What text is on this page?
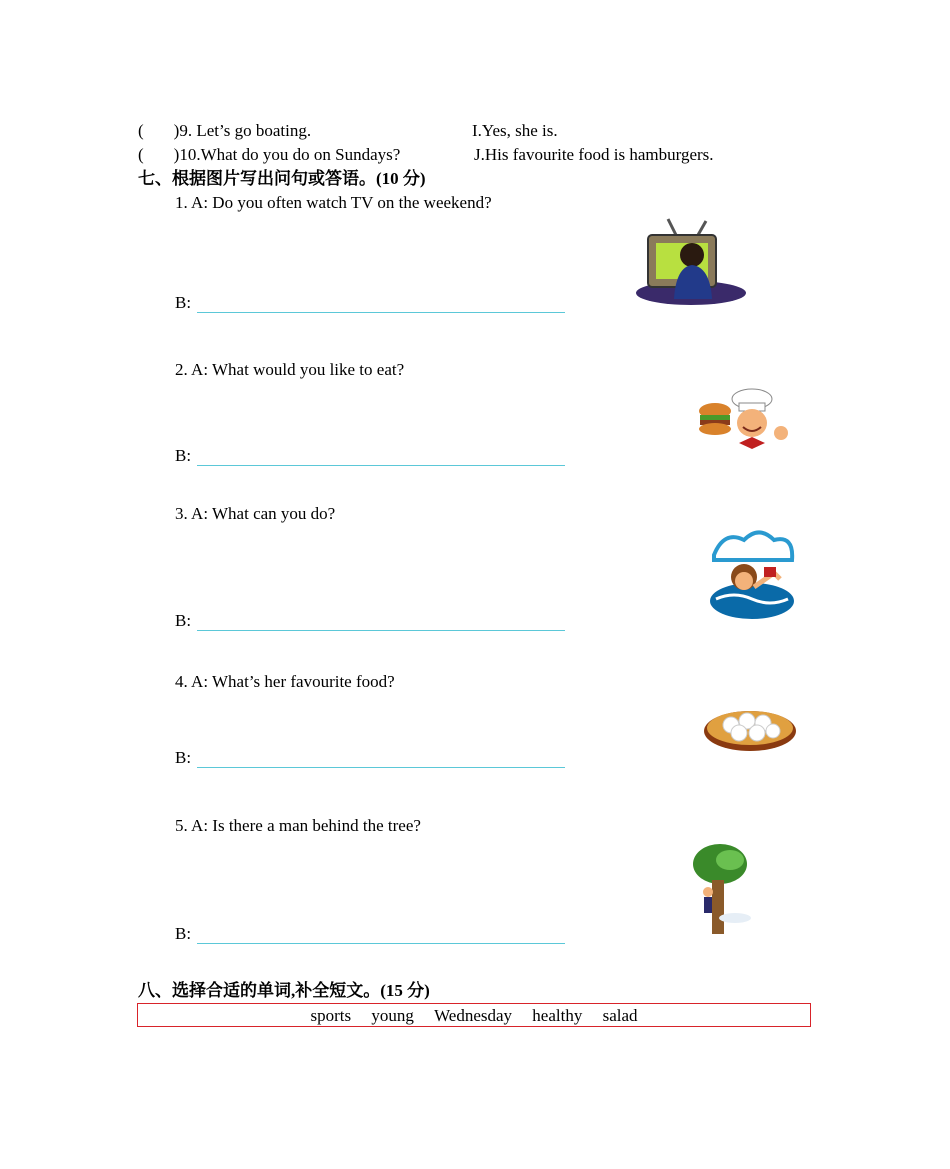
( )9. Let’s go boating.	I.Yes, she is.
( )10.What do you do on Sundays?	J.His favourite food is hamburgers.
七、根据图片写出问句或答语。(10 分)
1. A: Do you often watch TV on the weekend?
B:
2. A: What would you like to eat?
B:
3. A: What can you do?
B:
4. A: What’s her favourite food?
B:
5. A: Is there a man behind the tree?
B:
八、选择合适的单词,补全短文。(15 分)
sports young Wednesday healthy salad
